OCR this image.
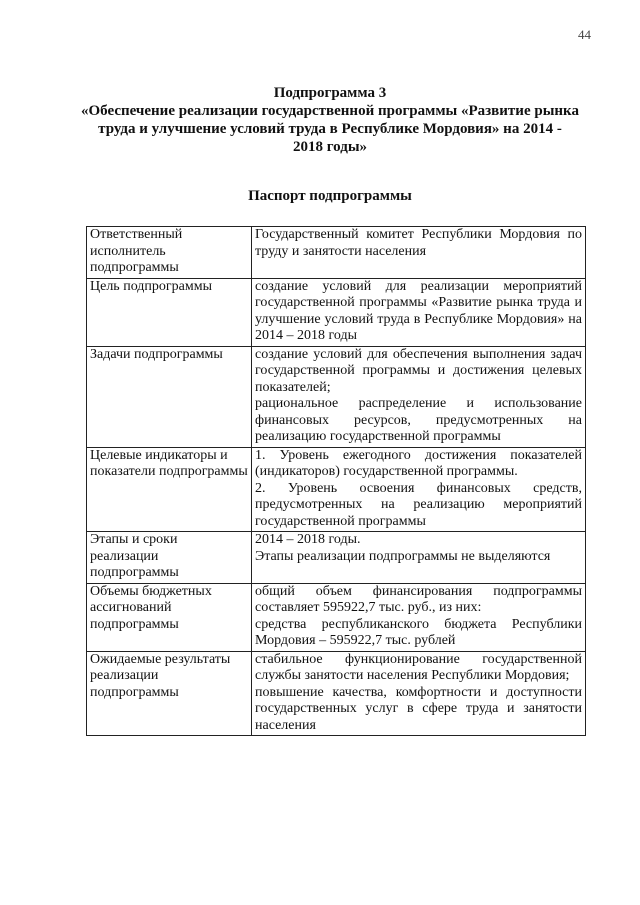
44
Подпрограмма 3
«Обеспечение реализации государственной программы «Развитие рынка
труда и улучшение условий труда в Республике Мордовия» на 2014 -
2018 годы»
Паспорт подпрограммы
Ответственный исполнитель подпрограммы	Государственный комитет Республики Мордовия по труду и занятости населения

Цель подпрограммы	создание условий для реализации мероприятий государственной программы «Развитие рынка труда и улучшение условий труда в Республике Мордовия» на 2014 – 2018 годы

Задачи подпрограммы	создание условий для обеспечения выполнения задач государственной программы и достижения целевых показателей;
рациональное распределение и использование финансовых ресурсов, предусмотренных на реализацию государственной программы

Целевые индикаторы и показатели подпрограммы	1. Уровень ежегодного достижения показателей (индикаторов) государственной программы.
2. Уровень освоения финансовых средств, предусмотренных на реализацию мероприятий государственной программы

Этапы и сроки реализации подпрограммы	2014 – 2018 годы.
Этапы реализации подпрограммы не выделяются

Объемы бюджетных ассигнований подпрограммы	общий объем финансирования подпрограммы составляет 595922,7 тыс. руб., из них:
средства республиканского бюджета Республики Мордовия – 595922,7 тыс. рублей

Ожидаемые результаты реализации подпрограммы	стабильное функционирование государственной службы занятости населения Республики Мордовия;
повышение качества, комфортности и доступности государственных услуг в сфере труда и занятости населения
